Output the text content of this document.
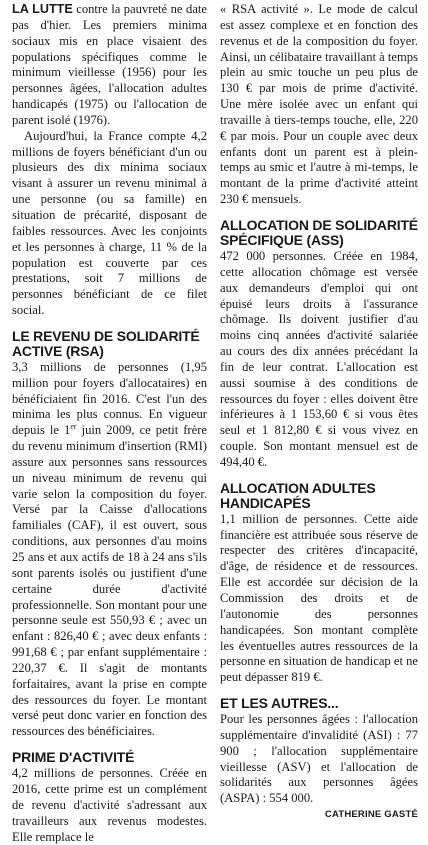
LA LUTTE contre la pauvreté ne date pas d'hier. Les premiers minima sociaux mis en place visaient des populations spécifiques comme le minimum vieillesse (1956) pour les personnes âgées, l'allocation adultes handicapés (1975) ou l'allocation de parent isolé (1976).

Aujourd'hui, la France compte 4,2 millions de foyers bénéficiant d'un ou plusieurs des dix minima sociaux visant à assurer un revenu minimal à une personne (ou sa famille) en situation de précarité, disposant de faibles ressources. Avec les conjoints et les personnes à charge, 11 % de la population est couverte par ces prestations, soit 7 millions de personnes bénéficiant de ce filet social.

LE REVENU DE SOLIDARITÉ ACTIVE (RSA)

3,3 millions de personnes (1,95 million pour foyers d'allocataires) en bénéficiaient fin 2016. C'est l'un des minima les plus connus. En vigueur depuis le 1er juin 2009, ce petit frère du revenu minimum d'insertion (RMI) assure aux personnes sans ressources un niveau minimum de revenu qui varie selon la composition du foyer. Versé par la Caisse d'allocations familiales (CAF), il est ouvert, sous conditions, aux personnes d'au moins 25 ans et aux actifs de 18 à 24 ans s'ils sont parents isolés ou justifient d'une certaine durée d'activité professionnelle. Son montant pour une personne seule est 550,93 € ; avec un enfant : 826,40 € ; avec deux enfants : 991,68 € ; par enfant supplémentaire : 220,37 €. Il s'agit de montants forfaitaires, avant la prise en compte des ressources du foyer. Le montant versé peut donc varier en fonction des ressources des bénéficiaires.

PRIME D'ACTIVITÉ

4,2 millions de personnes. Créée en 2016, cette prime est un complément de revenu d'activité s'adressant aux travailleurs aux revenus modestes. Elle remplace le

« RSA activité ». Le mode de calcul est assez complexe et en fonction des revenus et de la composition du foyer. Ainsi, un célibataire travaillant à temps plein au smic touche un peu plus de 130 € par mois de prime d'activité. Une mère isolée avec un enfant qui travaille à tiers-temps touche, elle, 220 € par mois. Pour un couple avec deux enfants dont un parent est à plein-temps au smic et l'autre à mi-temps, le montant de la prime d'activité atteint 230 € mensuels.

ALLOCATION DE SOLIDARITÉ SPÉCIFIQUE (ASS)

472 000 personnes. Créée en 1984, cette allocation chômage est versée aux demandeurs d'emploi qui ont épuisé leurs droits à l'assurance chômage. Ils doivent justifier d'au moins cinq années d'activité salariée au cours des dix années précédant la fin de leur contrat. L'allocation est aussi soumise à des conditions de ressources du foyer : elles doivent être inférieures à 1 153,60 € si vous êtes seul et 1 812,80 € si vous vivez en couple. Son montant mensuel est de 494,40 €.

ALLOCATION ADULTES HANDICAPÉS

1,1 million de personnes. Cette aide financière est attribuée sous réserve de respecter des critères d'incapacité, d'âge, de résidence et de ressources. Elle est accordée sur décision de la Commission des droits et de l'autonomie des personnes handicapées. Son montant complète les éventuelles autres ressources de la personne en situation de handicap et ne peut dépasser 819 €.

ET LES AUTRES...

Pour les personnes âgées : l'allocation supplémentaire d'invalidité (ASI) : 77 900 ; l'allocation supplémentaire vieillesse (ASV) et l'allocation de solidarités aux personnes âgées (ASPA) : 554 000.

CATHERINE GASTÉ
